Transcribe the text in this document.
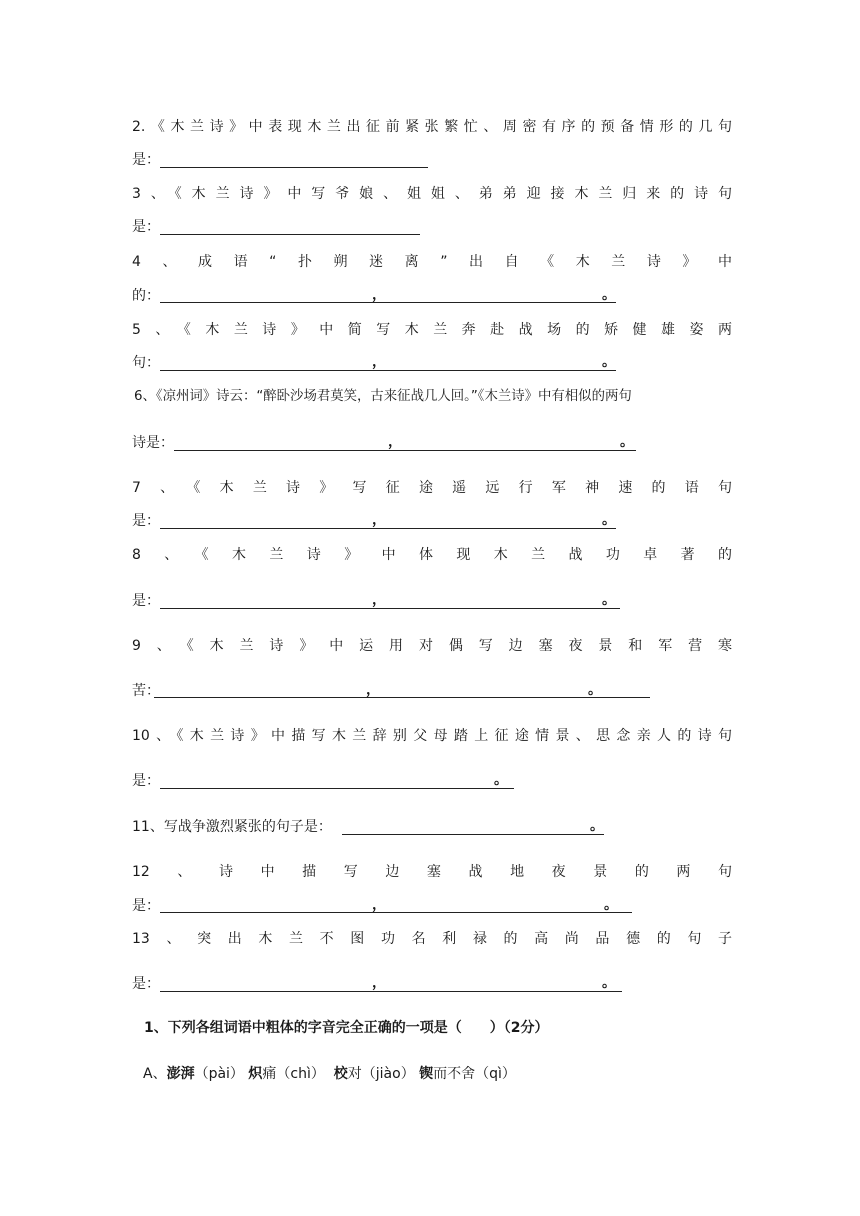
2.《木兰诗》中表现木兰出征前紧张繁忙、周密有序的预备情形的几句
是：
3、《木兰诗》中写爷娘、姐姐、弟弟迎接木兰归来的诗句
是：
4、成语“扑朔迷离”出自《木兰诗》中
的：	，	。
5、《木兰诗》中简写木兰奔赴战场的矫健雄姿两
句：	，	。
6、《凉州词》诗云：“醉卧沙场君莫笑，古来征战几人回。”《木兰诗》中有相似的两句
诗是：	，	。
7、《木兰诗》写征途遥远行军神速的语句
是：	，	。
8、《木兰诗》中体现木兰战功卓著的
是：	，	。
9、《木兰诗》中运用对偶写边塞夜景和军营寒
苦：	，	。
10、《木兰诗》中描写木兰辞别父母踏上征途情景、思念亲人的诗句
是：	。
11、写战争激烈紧张的句子是：	。
12、诗中描写边塞战地夜景的两句
是：	，	。
13、突出木兰不图功名利禄的高尚品德的句子
是：	，	。
1、下列各组词语中粗体的字音完全正确的一项是（　　）（2分）
A、澎湃（pài） 炽痛（chì） 校对（jiào） 锲而不舍（qì）
